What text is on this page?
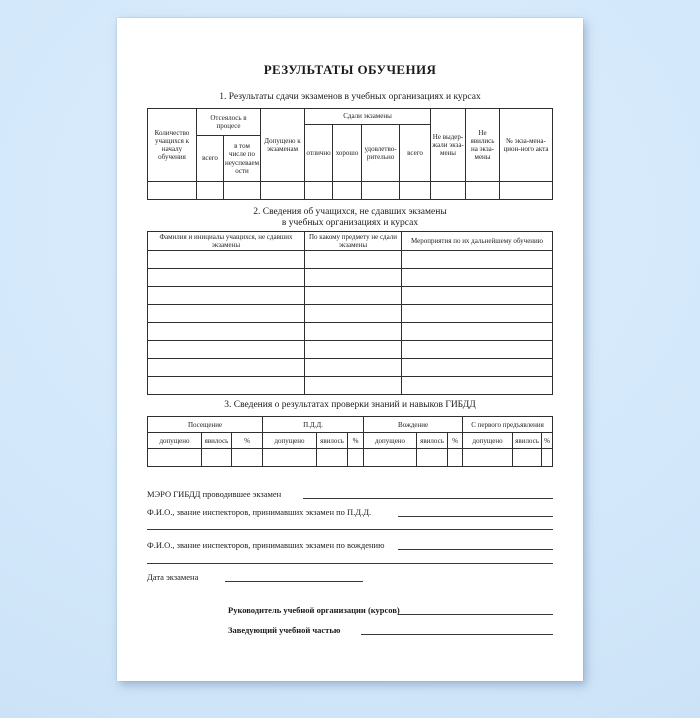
РЕЗУЛЬТАТЫ ОБУЧЕНИЯ
1. Результаты сдачи экзаменов в учебных организациях и курсах
Количество учащихся к началу обучения	Отсеялось в процесе		Допущено к экзаменам	Сдали экзамены				Не выдер-жали экза-мены	Не явились на экза-мены	№ экза-мена-цион-ного акта
				отлично	хорошо	удовлетво-рительно	всего			
	всего	в том числе по неуспеваемости								

2. Сведения об учащихся, не сдавших экзамены
в учебных организациях и курсах
Фамилия и инициалы учащихся, не сдавших экзамены	По какому предмету не сдали экзамены	Мероприятия по их дальнейшему обучению

3. Сведения о результатах проверки знаний и навыков ГИБДД
Посещение			П.Д.Д.			Вождение			С первого предъявления		
допущено	явилось	%	допущено	явилось	%	допущено	явилось	%	допущено	явилось	%

МЭРО ГИБДД проводившее экзамен
Ф.И.О., звание инспекторов, принимавших экзамен по П.Д.Д.
Ф.И.О., звание инспекторов, принимавших экзамен по вождению
Дата экзамена
Руководитель учебной организации (курсов)
Заведующий учебной частью
